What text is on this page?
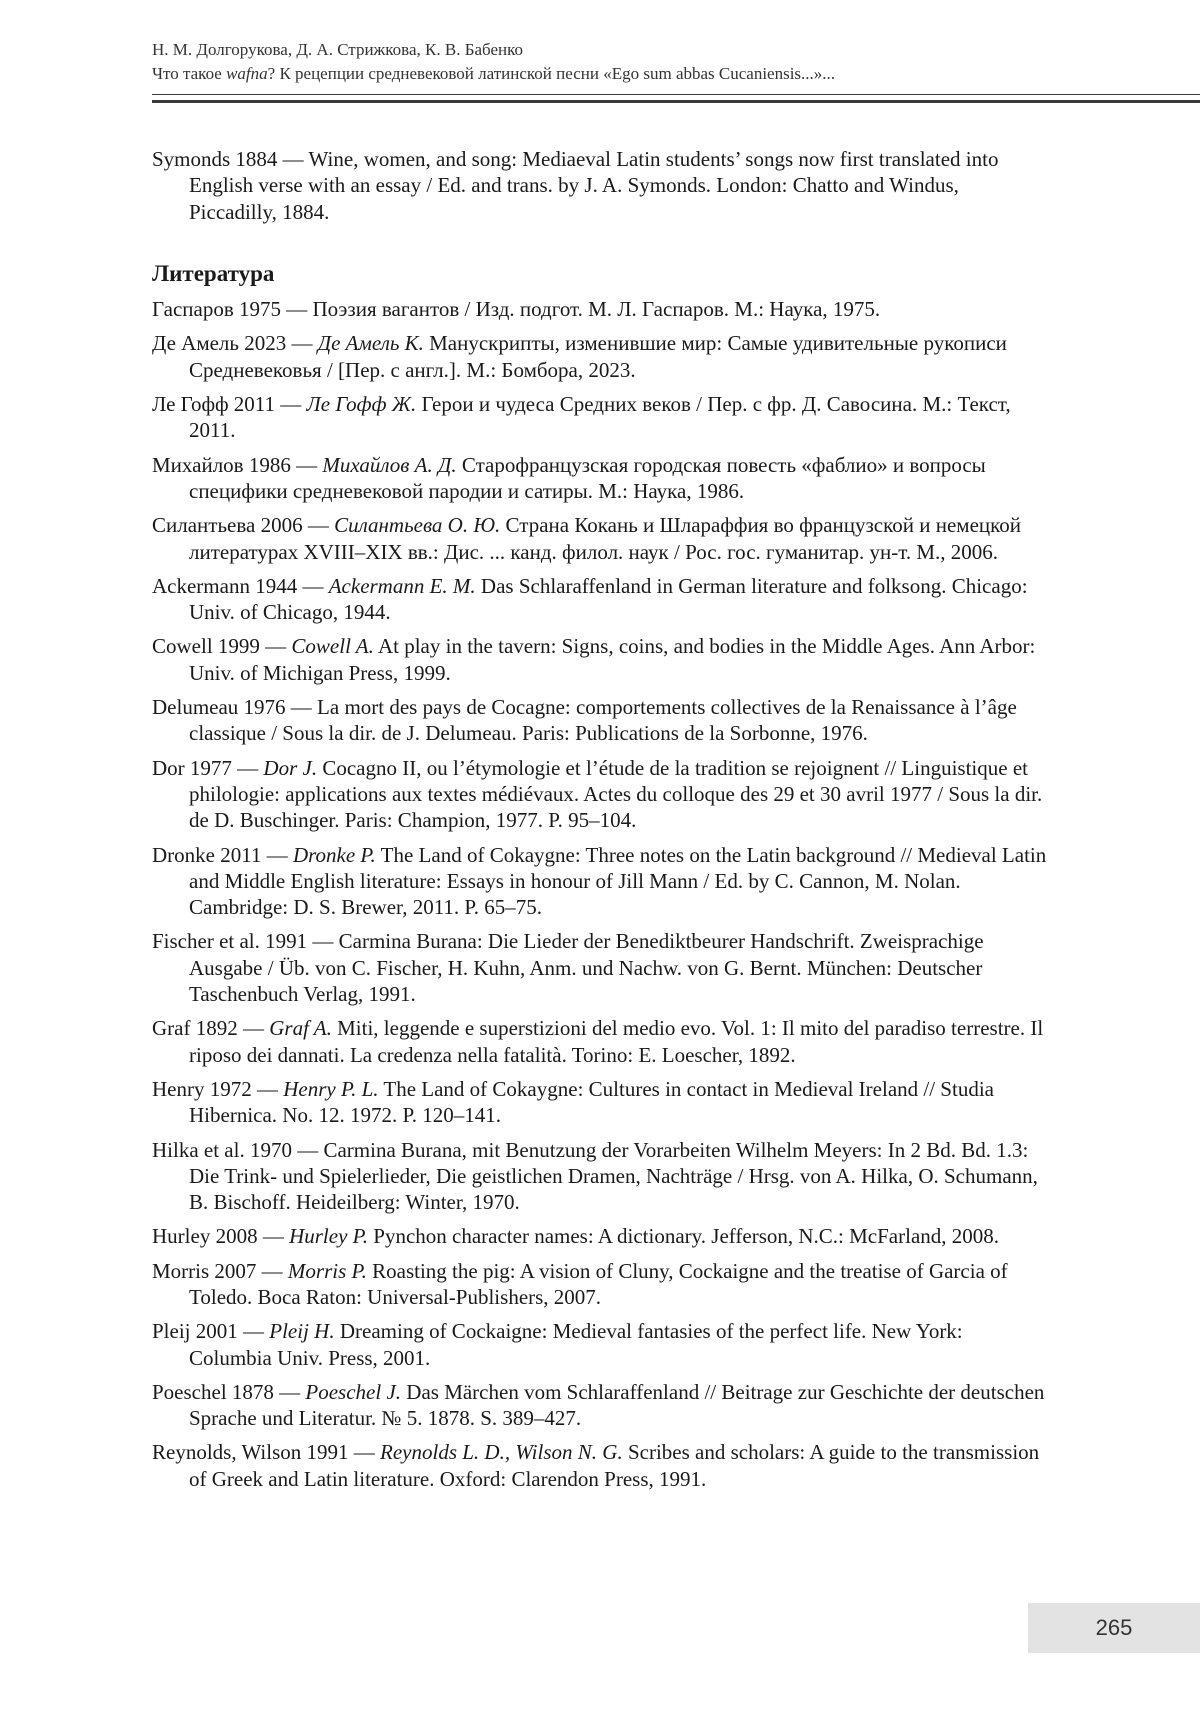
Н. М. Долгорукова, Д. А. Стрижкова, К. В. Бабенко
Что такое wafna? К рецепции средневековой латинской песни «Ego sum abbas Cucaniensis...»...

Symonds 1884 — Wine, women, and song: Mediaeval Latin students’ songs now first translated into English verse with an essay / Ed. and trans. by J. A. Symonds. London: Chatto and Windus, Piccadilly, 1884.

Литература

Гаспаров 1975 — Поэзия вагантов / Изд. подгот. М. Л. Гаспаров. М.: Наука, 1975.

Де Амель 2023 — Де Амель К. Манускрипты, изменившие мир: Самые удивительные рукописи Средневековья / [Пер. с англ.]. М.: Бомбора, 2023.

Ле Гофф 2011 — Ле Гофф Ж. Герои и чудеса Средних веков / Пер. с фр. Д. Савосина. М.: Текст, 2011.

Михайлов 1986 — Михайлов А. Д. Старофранцузская городская повесть «фаблио» и вопросы специфики средневековой пародии и сатиры. М.: Наука, 1986.

Силантьева 2006 — Силантьева О. Ю. Страна Кокань и Шлараффия во французской и немецкой литературах XVIII–XIX вв.: Дис. ... канд. филол. наук / Рос. гос. гуманитар. ун-т. М., 2006.

Ackermann 1944 — Ackermann E. M. Das Schlaraffenland in German literature and folksong. Chicago: Univ. of Chicago, 1944.

Cowell 1999 — Cowell A. At play in the tavern: Signs, coins, and bodies in the Middle Ages. Ann Arbor: Univ. of Michigan Press, 1999.

Delumeau 1976 — La mort des pays de Cocagne: comportements collectives de la Renaissance à l’âge classique / Sous la dir. de J. Delumeau. Paris: Publications de la Sorbonne, 1976.

Dor 1977 — Dor J. Cocagno II, ou l’étymologie et l’étude de la tradition se rejoignent // Linguistique et philologie: applications aux textes médiévaux. Actes du colloque des 29 et 30 avril 1977 / Sous la dir. de D. Buschinger. Paris: Champion, 1977. P. 95–104.

Dronke 2011 — Dronke P. The Land of Cokaygne: Three notes on the Latin background // Medieval Latin and Middle English literature: Essays in honour of Jill Mann / Ed. by C. Cannon, M. Nolan. Cambridge: D. S. Brewer, 2011. P. 65–75.

Fischer et al. 1991 — Carmina Burana: Die Lieder der Benediktbeurer Handschrift. Zweisprachige Ausgabe / Üb. von C. Fischer, H. Kuhn, Anm. und Nachw. von G. Bernt. München: Deutscher Taschenbuch Verlag, 1991.

Graf 1892 — Graf A. Miti, leggende e superstizioni del medio evo. Vol. 1: Il mito del paradiso terrestre. Il riposo dei dannati. La credenza nella fatalità. Torino: E. Loescher, 1892.

Henry 1972 — Henry P. L. The Land of Cokaygne: Cultures in contact in Medieval Ireland // Studia Hibernica. No. 12. 1972. P. 120–141.

Hilka et al. 1970 — Carmina Burana, mit Benutzung der Vorarbeiten Wilhelm Meyers: In 2 Bd. Bd. 1.3: Die Trink- und Spielerlieder, Die geistlichen Dramen, Nachträge / Hrsg. von A. Hilka, O. Schumann, B. Bischoff. Heideilberg: Winter, 1970.

Hurley 2008 — Hurley P. Pynchon character names: A dictionary. Jefferson, N.C.: McFarland, 2008.

Morris 2007 — Morris P. Roasting the pig: A vision of Cluny, Cockaigne and the treatise of Garcia of Toledo. Boca Raton: Universal-Publishers, 2007.

Pleij 2001 — Pleij H. Dreaming of Cockaigne: Medieval fantasies of the perfect life. New York: Columbia Univ. Press, 2001.

Poeschel 1878 — Poeschel J. Das Märchen vom Schlaraffenland // Beitrage zur Geschichte der deutschen Sprache und Literatur. № 5. 1878. S. 389–427.

Reynolds, Wilson 1991 — Reynolds L. D., Wilson N. G. Scribes and scholars: A guide to the transmission of Greek and Latin literature. Oxford: Clarendon Press, 1991.

265
